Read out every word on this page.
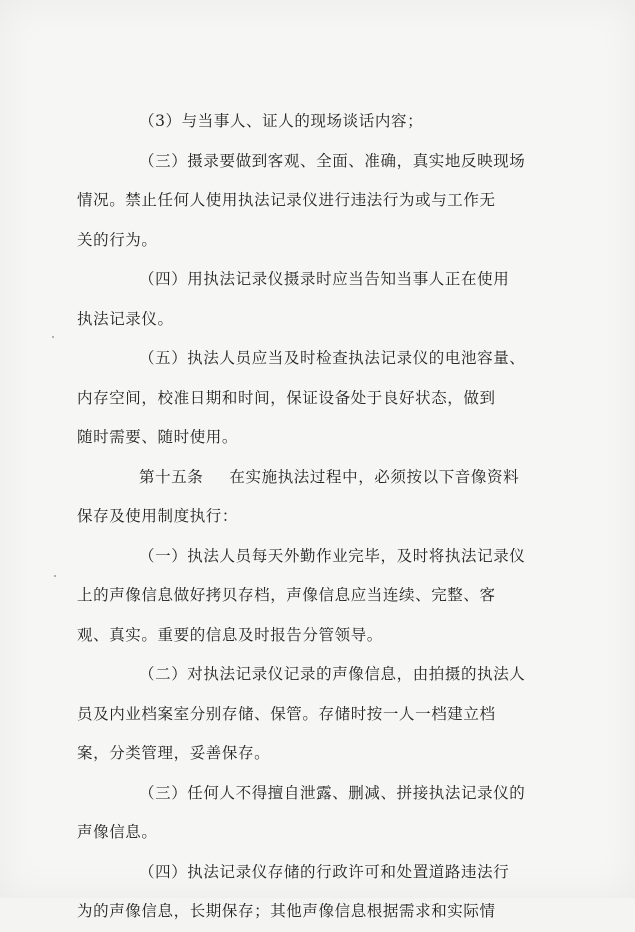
（3）与当事人、证人的现场谈话内容；

（三）摄录要做到客观、全面、准确，真实地反映现场
情况。禁止任何人使用执法记录仪进行违法行为或与工作无
关的行为。

（四）用执法记录仪摄录时应当告知当事人正在使用
执法记录仪。

（五）执法人员应当及时检查执法记录仪的电池容量、
内存空间，校准日期和时间，保证设备处于良好状态，做到
随时需要、随时使用。

第十五条 在实施执法过程中，必须按以下音像资料
保存及使用制度执行：

（一）执法人员每天外勤作业完毕，及时将执法记录仪
上的声像信息做好拷贝存档，声像信息应当连续、完整、客
观、真实。重要的信息及时报告分管领导。

（二）对执法记录仪记录的声像信息，由拍摄的执法人
员及内业档案室分别存储、保管。存储时按一人一档建立档
案，分类管理，妥善保存。

（三）任何人不得擅自泄露、删减、拼接执法记录仪的
声像信息。

（四）执法记录仪存储的行政许可和处置道路违法行
为的声像信息，长期保存；其他声像信息根据需求和实际情
